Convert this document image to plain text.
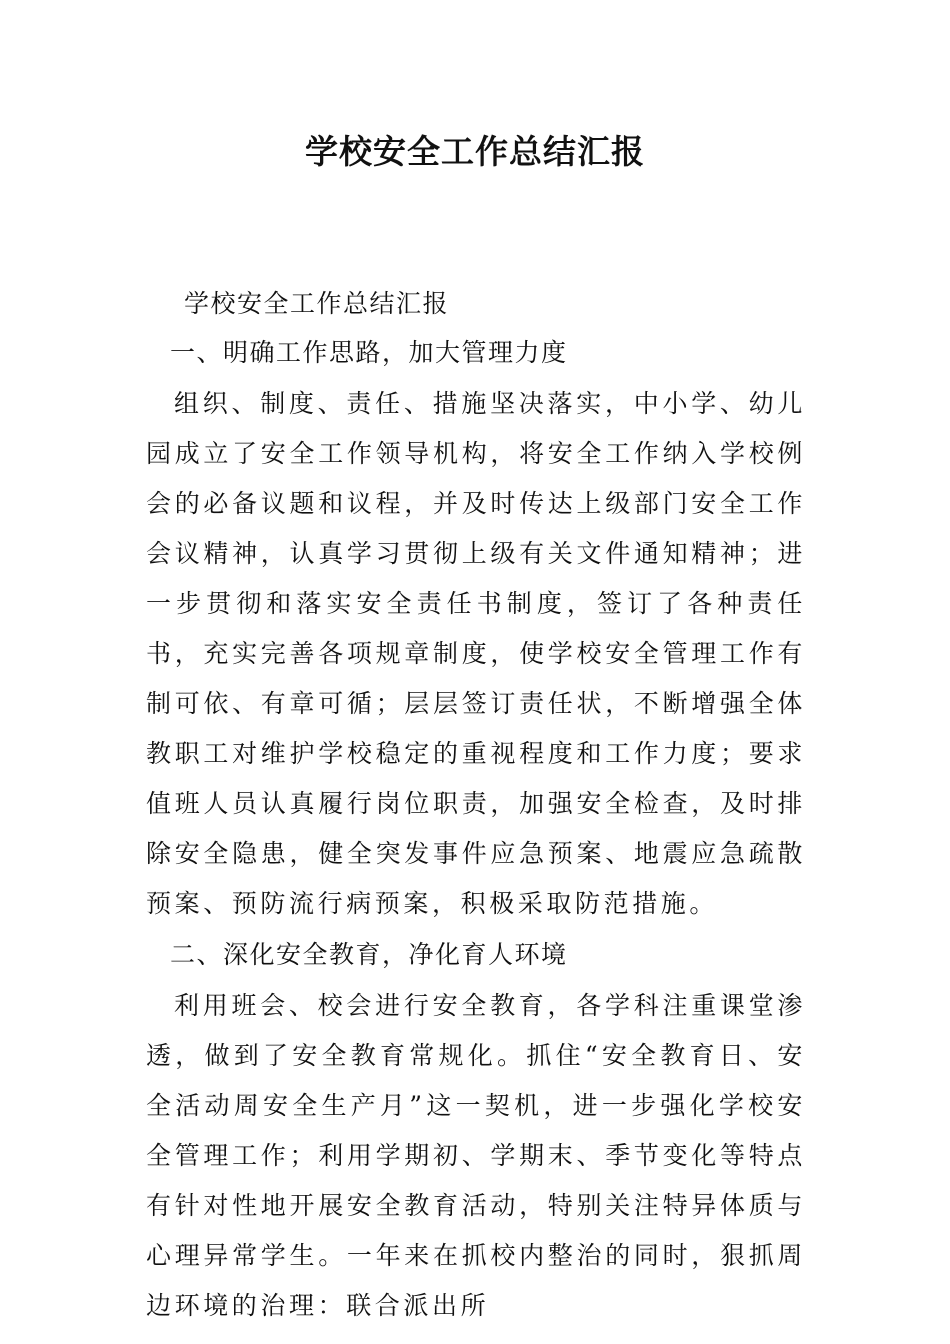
学校安全工作总结汇报
学校安全工作总结汇报
一、明确工作思路，加大管理力度

组织、制度、责任、措施坚决落实，中小学、幼儿园成立了安全工作领导机构，将安全工作纳入学校例会的必备议题和议程，并及时传达上级部门安全工作会议精神，认真学习贯彻上级有关文件通知精神；进一步贯彻和落实安全责任书制度，签订了各种责任书，充实完善各项规章制度，使学校安全管理工作有制可依、有章可循；层层签订责任状，不断增强全体教职工对维护学校稳定的重视程度和工作力度；要求值班人员认真履行岗位职责，加强安全检查，及时排除安全隐患，健全突发事件应急预案、地震应急疏散预案、预防流行病预案，积极采取防范措施。

二、深化安全教育，净化育人环境

利用班会、校会进行安全教育，各学科注重课堂渗透，做到了安全教育常规化。抓住“安全教育日、安全活动周安全生产月”这一契机，进一步强化学校安全管理工作；利用学期初、学期末、季节变化等特点有针对性地开展安全教育活动，特别关注特异体质与心理异常学生。一年来在抓校内整治的同时，狠抓周边环境的治理：联合派出所
